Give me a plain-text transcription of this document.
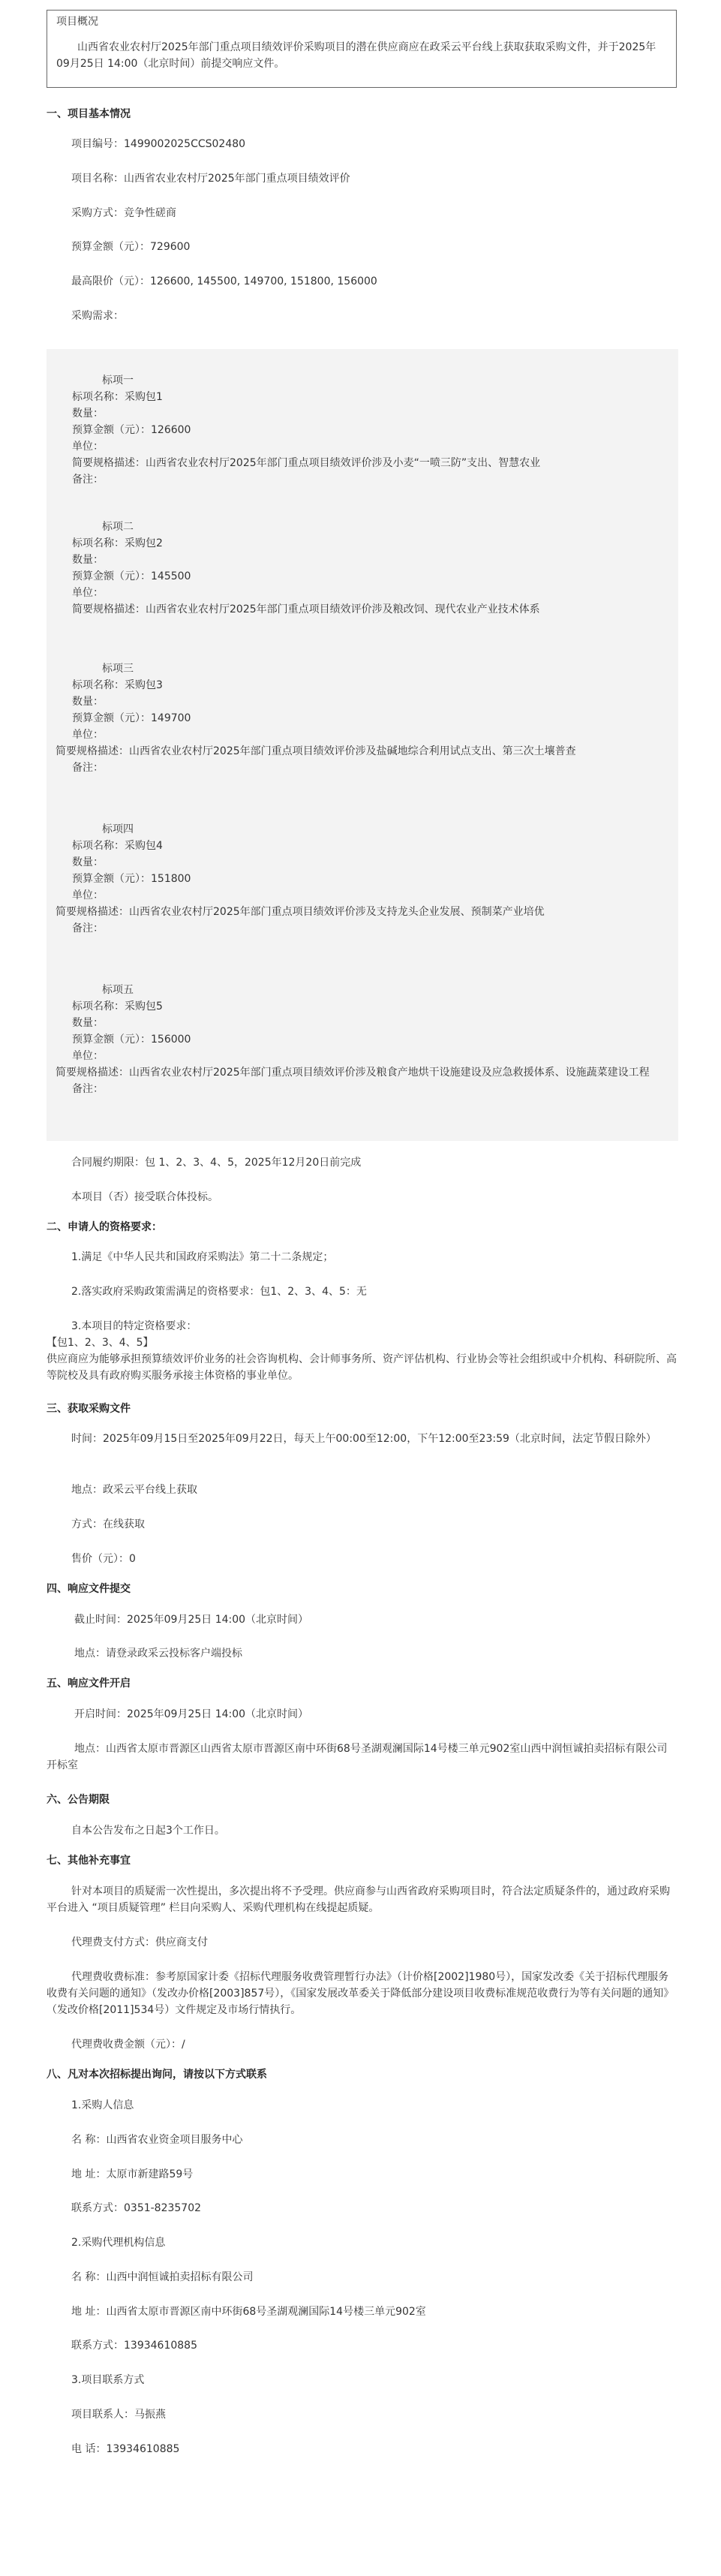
项目概况
山西省农业农村厅2025年部门重点项目绩效评价采购项目的潜在供应商应在政采云平台线上获取获取采购文件，并于2025年09月25日 14:00（北京时间）前提交响应文件。
一、项目基本情况
项目编号：1499002025CCS02480
项目名称：山西省农业农村厅2025年部门重点项目绩效评价
采购方式：竞争性磋商
预算金额（元）：729600
最高限价（元）：126600, 145500, 149700, 151800, 156000
采购需求：
标项一
标项名称：采购包1
数量：
预算金额（元）：126600
单位：
简要规格描述：山西省农业农村厅2025年部门重点项目绩效评价涉及小麦“一喷三防”支出、智慧农业
备注：
标项二
标项名称：采购包2
数量：
预算金额（元）：145500
单位：
简要规格描述：山西省农业农村厅2025年部门重点项目绩效评价涉及粮改饲、现代农业产业技术体系
标项三
标项名称：采购包3
数量：
预算金额（元）：149700
单位：
简要规格描述：山西省农业农村厅2025年部门重点项目绩效评价涉及盐碱地综合利用试点支出、第三次土壤普查
备注：
标项四
标项名称：采购包4
数量：
预算金额（元）：151800
单位：
简要规格描述：山西省农业农村厅2025年部门重点项目绩效评价涉及支持龙头企业发展、预制菜产业培优
备注：
标项五
标项名称：采购包5
数量：
预算金额（元）：156000
单位：
简要规格描述：山西省农业农村厅2025年部门重点项目绩效评价涉及粮食产地烘干设施建设及应急救援体系、设施蔬菜建设工程
备注：
合同履约期限：包 1、2、3、4、5，2025年12月20日前完成
本项目（否）接受联合体投标。
二、申请人的资格要求：
1.满足《中华人民共和国政府采购法》第二十二条规定；
2.落实政府采购政策需满足的资格要求：包1、2、3、4、5：无
3.本项目的特定资格要求：
【包1、2、3、4、5】
供应商应为能够承担预算绩效评价业务的社会咨询机构、会计师事务所、资产评估机构、行业协会等社会组织或中介机构、科研院所、高等院校及具有政府购买服务承接主体资格的事业单位。
三、获取采购文件
时间：2025年09月15日至2025年09月22日，每天上午00:00至12:00，下午12:00至23:59（北京时间，法定节假日除外）
地点：政采云平台线上获取
方式：在线获取
售价（元）：0
四、响应文件提交
截止时间：2025年09月25日 14:00（北京时间）
地点：请登录政采云投标客户端投标
五、响应文件开启
开启时间：2025年09月25日 14:00（北京时间）
地点：山西省太原市晋源区山西省太原市晋源区南中环街68号圣湖观澜国际14号楼三单元902室山西中润恒诚拍卖招标有限公司开标室
六、公告期限
自本公告发布之日起3个工作日。
七、其他补充事宜
针对本项目的质疑需一次性提出，多次提出将不予受理。供应商参与山西省政府采购项目时，符合法定质疑条件的，通过政府采购平台进入 “项目质疑管理” 栏目向采购人、采购代理机构在线提起质疑。
代理费支付方式：供应商支付
代理费收费标准：参考原国家计委《招标代理服务收费管理暂行办法》（计价格[2002]1980号），国家发改委《关于招标代理服务收费有关问题的通知》（发改办价格[2003]857号），《国家发展改革委关于降低部分建设项目收费标准规范收费行为等有关问题的通知》（发改价格[2011]534号）文件规定及市场行情执行。
代理费收费金额（元）：/
八、凡对本次招标提出询问，请按以下方式联系
1.采购人信息
名 称：山西省农业资金项目服务中心
地 址：太原市新建路59号
联系方式：0351-8235702
2.采购代理机构信息
名 称：山西中润恒诚拍卖招标有限公司
地 址：山西省太原市晋源区南中环街68号圣湖观澜国际14号楼三单元902室
联系方式：13934610885
3.项目联系方式
项目联系人：马振燕
电 话：13934610885
